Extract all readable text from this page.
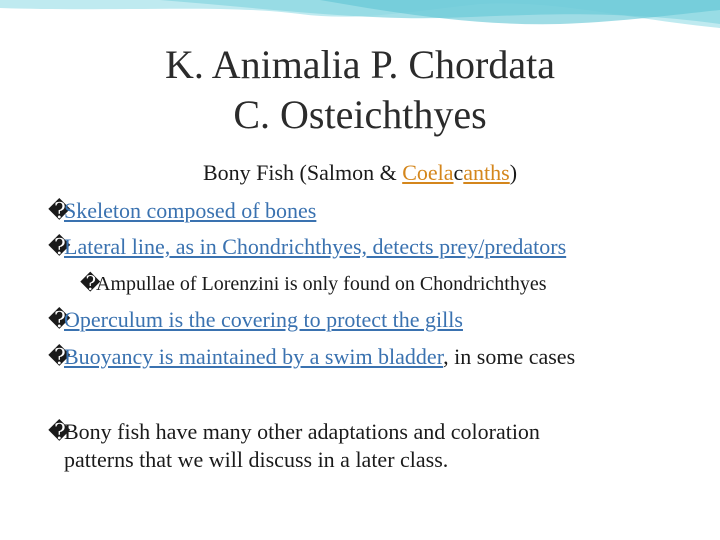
K. Animalia P. Chordata
C. Osteichthyes
Bony Fish (Salmon & Coelacanths)
�Skeleton composed of bones
�Lateral line, as in Chondrichthyes, detects prey/predators
�Ampullae of Lorenzini is only found on Chondrichthyes
�Operculum is the covering to protect the gills
�Buoyancy is maintained by a swim bladder, in some cases
�Bony fish have many other adaptations and coloration
patterns that we will discuss in a later class.
